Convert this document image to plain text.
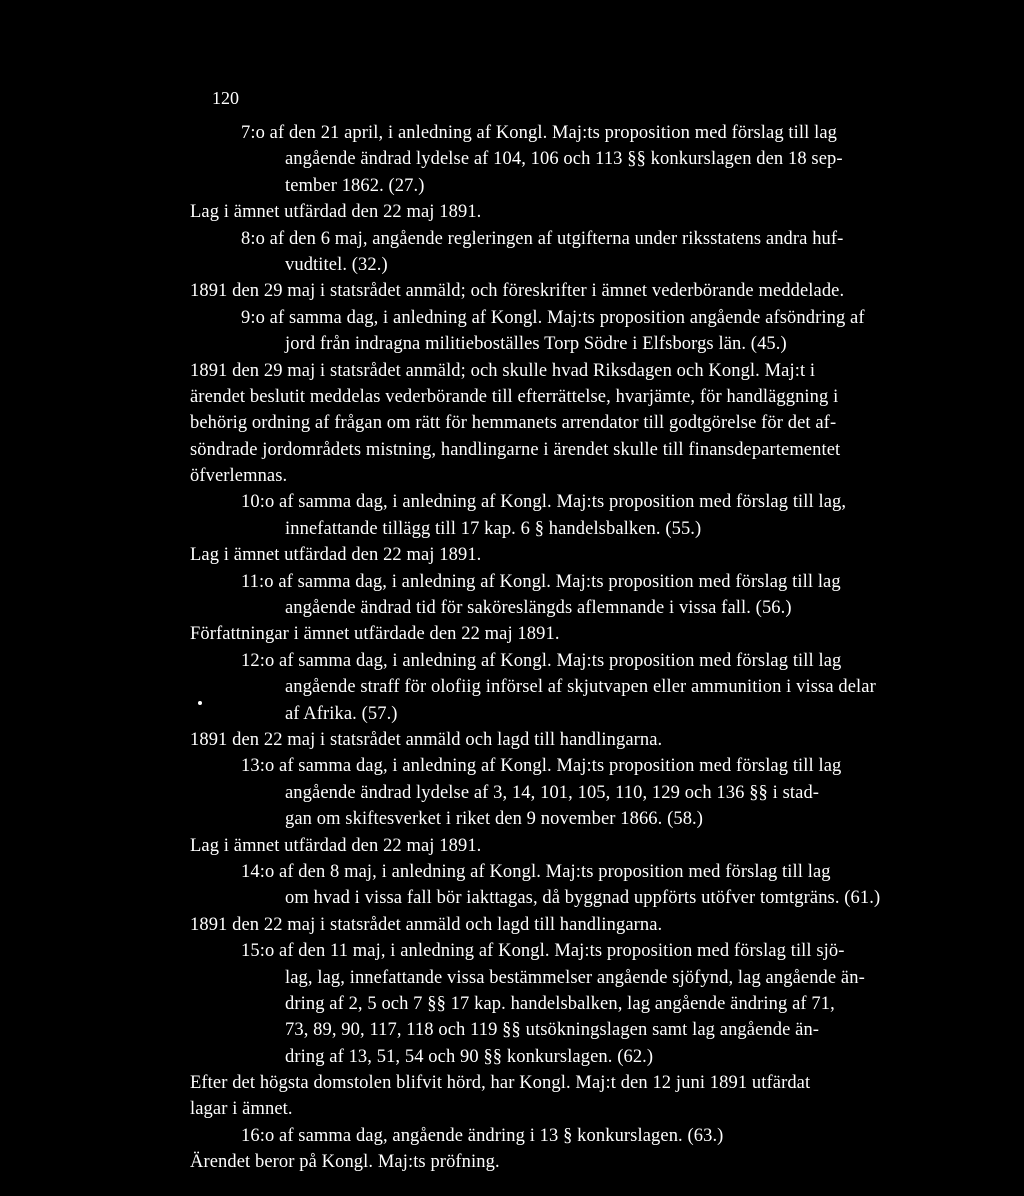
120
7:o af den 21 april, i anledning af Kongl. Maj:ts proposition med förslag till lag
angående ändrad lydelse af 104, 106 och 113 §§ konkurslagen den 18 sep-
tember 1862. (27.)
Lag i ämnet utfärdad den 22 maj 1891.
8:o af den 6 maj, angående regleringen af utgifterna under riksstatens andra huf-
vudtitel. (32.)
1891 den 29 maj i statsrådet anmäld; och föreskrifter i ämnet vederbörande meddelade.
9:o af samma dag, i anledning af Kongl. Maj:ts proposition angående afsöndring af
jord från indragna militieboställes Torp Södre i Elfsborgs län. (45.)
1891 den 29 maj i statsrådet anmäld; och skulle hvad Riksdagen och Kongl. Maj:t i
ärendet beslutit meddelas vederbörande till efterrättelse, hvarjämte, för handläggning i
behörig ordning af frågan om rätt för hemmanets arrendator till godtgörelse för det af-
söndrade jordområdets mistning, handlingarne i ärendet skulle till finansdepartementet
öfverlemnas.
10:o af samma dag, i anledning af Kongl. Maj:ts proposition med förslag till lag,
innefattande tillägg till 17 kap. 6 § handelsbalken. (55.)
Lag i ämnet utfärdad den 22 maj 1891.
11:o af samma dag, i anledning af Kongl. Maj:ts proposition med förslag till lag
angående ändrad tid för saköreslängds aflemnande i vissa fall. (56.)
Författningar i ämnet utfärdade den 22 maj 1891.
12:o af samma dag, i anledning af Kongl. Maj:ts proposition med förslag till lag
angående straff för olofiig införsel af skjutvapen eller ammunition i vissa delar
af Afrika. (57.)
1891 den 22 maj i statsrådet anmäld och lagd till handlingarna.
13:o af samma dag, i anledning af Kongl. Maj:ts proposition med förslag till lag
angående ändrad lydelse af 3, 14, 101, 105, 110, 129 och 136 §§ i stad-
gan om skiftesverket i riket den 9 november 1866. (58.)
Lag i ämnet utfärdad den 22 maj 1891.
14:o af den 8 maj, i anledning af Kongl. Maj:ts proposition med förslag till lag
om hvad i vissa fall bör iakttagas, då byggnad uppförts utöfver tomtgräns. (61.)
1891 den 22 maj i statsrådet anmäld och lagd till handlingarna.
15:o af den 11 maj, i anledning af Kongl. Maj:ts proposition med förslag till sjö-
lag, lag, innefattande vissa bestämmelser angående sjöfynd, lag angående än-
dring af 2, 5 och 7 §§ 17 kap. handelsbalken, lag angående ändring af 71,
73, 89, 90, 117, 118 och 119 §§ utsökningslagen samt lag angående än-
dring af 13, 51, 54 och 90 §§ konkurslagen. (62.)
Efter det högsta domstolen blifvit hörd, har Kongl. Maj:t den 12 juni 1891 utfärdat
lagar i ämnet.
16:o af samma dag, angående ändring i 13 § konkurslagen. (63.)
Ärendet beror på Kongl. Maj:ts pröfning.
